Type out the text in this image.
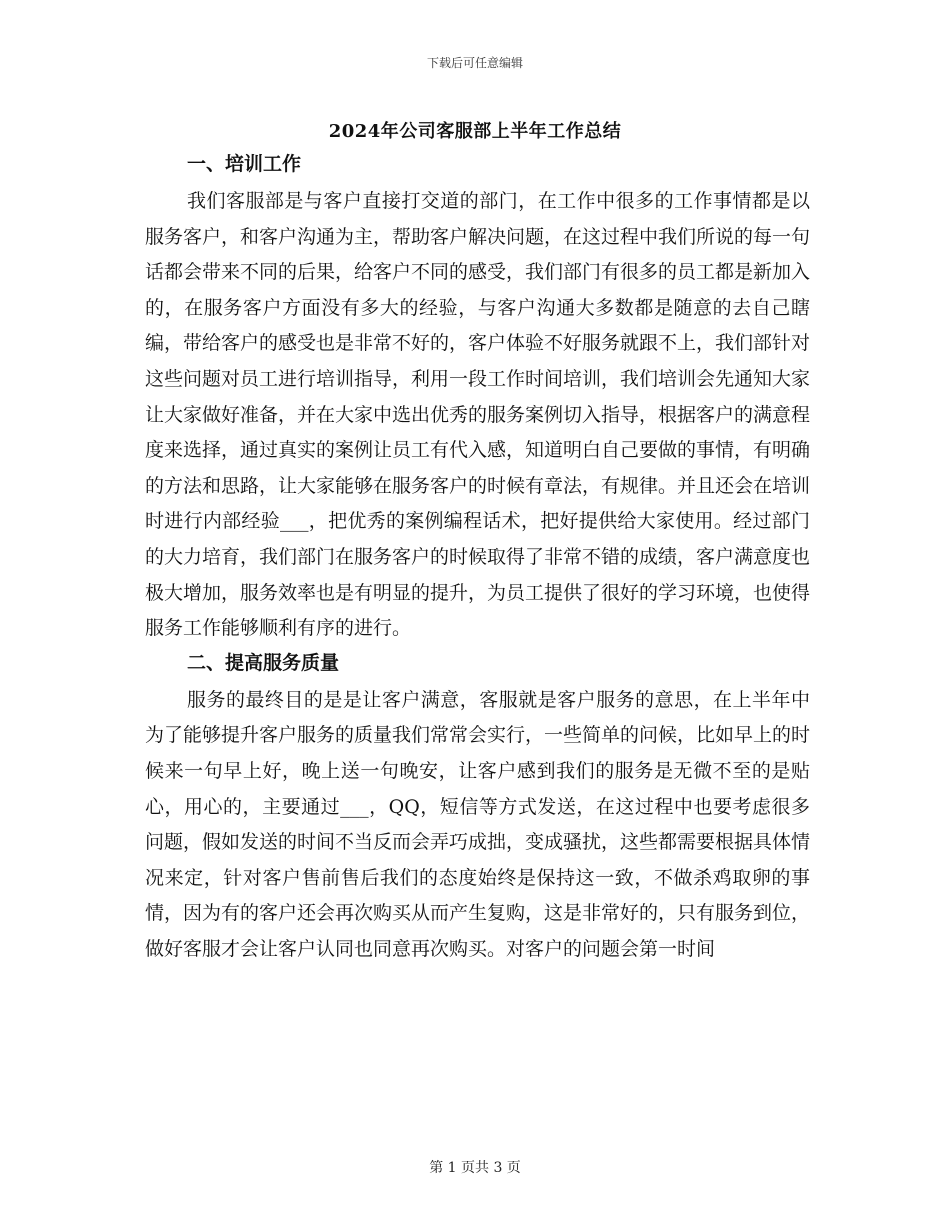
下载后可任意编辑
2024年公司客服部上半年工作总结
一、培训工作

我们客服部是与客户直接打交道的部门，在工作中很多的工作事情都是以服务客户，和客户沟通为主，帮助客户解决问题，在这过程中我们所说的每一句话都会带来不同的后果，给客户不同的感受，我们部门有很多的员工都是新加入的，在服务客户方面没有多大的经验，与客户沟通大多数都是随意的去自己瞎编，带给客户的感受也是非常不好的，客户体验不好服务就跟不上，我们部针对这些问题对员工进行培训指导，利用一段工作时间培训，我们培训会先通知大家让大家做好准备，并在大家中选出优秀的服务案例切入指导，根据客户的满意程度来选择，通过真实的案例让员工有代入感，知道明白自己要做的事情，有明确的方法和思路，让大家能够在服务客户的时候有章法，有规律。并且还会在培训时进行内部经验___，把优秀的案例编程话术，把好提供给大家使用。经过部门的大力培育，我们部门在服务客户的时候取得了非常不错的成绩，客户满意度也极大增加，服务效率也是有明显的提升，为员工提供了很好的学习环境，也使得服务工作能够顺利有序的进行。

二、提高服务质量

服务的最终目的是是让客户满意，客服就是客户服务的意思，在上半年中为了能够提升客户服务的质量我们常常会实行，一些简单的问候，比如早上的时候来一句早上好，晚上送一句晚安，让客户感到我们的服务是无微不至的是贴心，用心的，主要通过___，QQ，短信等方式发送，在这过程中也要考虑很多问题，假如发送的时间不当反而会弄巧成拙，变成骚扰，这些都需要根据具体情况来定，针对客户售前售后我们的态度始终是保持这一致，不做杀鸡取卵的事情，因为有的客户还会再次购买从而产生复购，这是非常好的，只有服务到位，做好客服才会让客户认同也同意再次购买。对客户的问题会第一时间

第 1 页共 3 页
